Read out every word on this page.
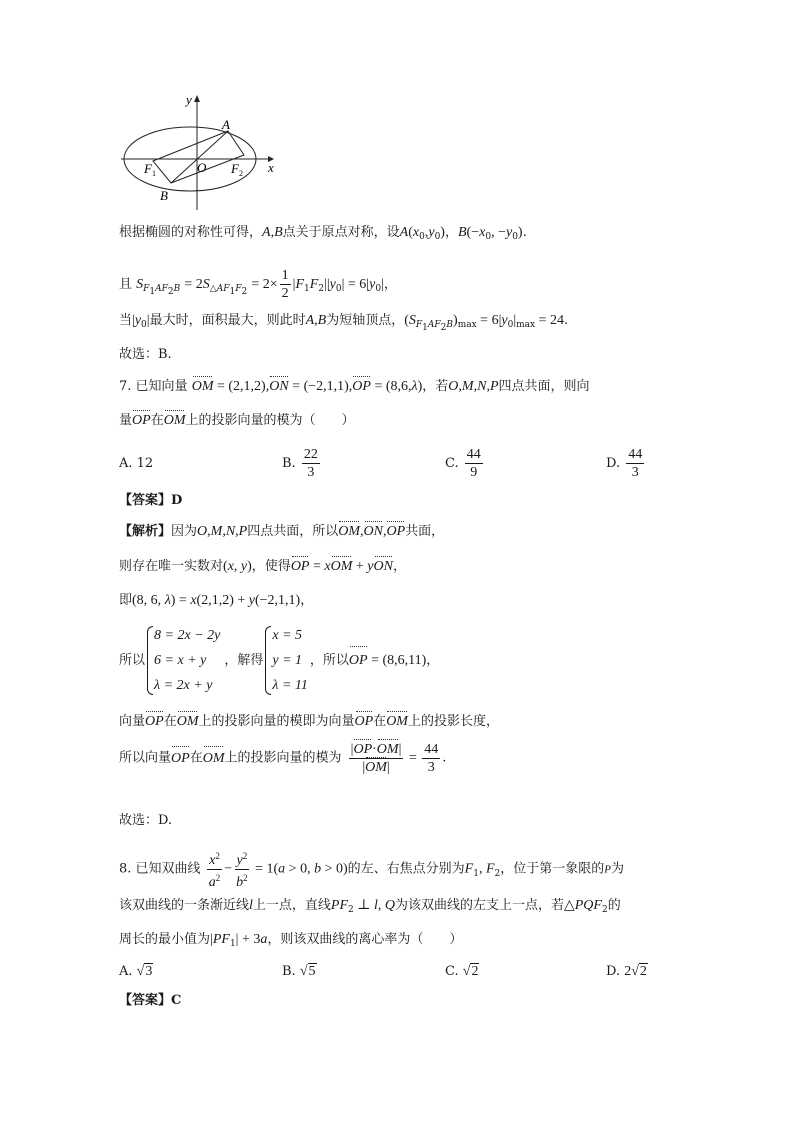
y
x
A
O
$F_1$	$F_2$
B
根据椭圆的对称性可得，A,B点关于原点对称，设$A(x_0,y_0)$，$B(-x_0$, $-y_0$).
且 $S_{F_1AF_2B} = 2S_{\triangle AF_1F_2} = 2\times \frac{1}{2} |F_1F_2||y_0| = 6|y_0|$，
当$|y_0|$最大时，面积最大，则此时A,B为短轴顶点，$(S_{F_1AF_2B})_{max} = 6|y_0|_{max} = 24$.
故选：B.
7. 已知向量 OM = (2,1,2),ON = (−2,1,1),OP = (8,6,λ)，若O,M,N,P四点共面，则向
量OP在OM上的投影向量的模为（　　）
A. 12	B. $\frac{22}{3}$	C. $\frac{44}{9}$	D. $\frac{44}{3}$
【答案】D
【解析】因为O,M,N,P四点共面，所以OM,ON,OP共面，
则存在唯一实数对(x, y)，使得OP = xOM + yON，
即(8, 6, λ) = x(2,1,2) + y(−2,1,1)，
所以
8 = 2x − 2y
6 = x + y
λ = 2x + y
，解得
x = 5
y = 1
λ = 11
，所以OP = (8,6,11)，
向量OP在OM上的投影向量的模即为向量OP在OM上的投影长度，
所以向量OP在OM上的投影向量的模为 $\frac{|OP\cdot OM|}{|OM|} = \frac{44}{3}$ .
故选：D.
8. 已知双曲线 $\frac{x^2}{a^2} - \frac{y^2}{b^2} = 1(a > 0$, b > 0)的左、右焦点分别为$F_1$, $F_2$，位于第一象限的P为
该双曲线的一条渐近线l上一点，直线$PF_2$ ⊥ l, Q为该双曲线的左支上一点，若$\triangle PQF_2$的
周长的最小值为$|PF_1| + 3a$，则该双曲线的离心率为（　　）
A. √3	B. √5	C. √2	D. 2√2
【答案】C
